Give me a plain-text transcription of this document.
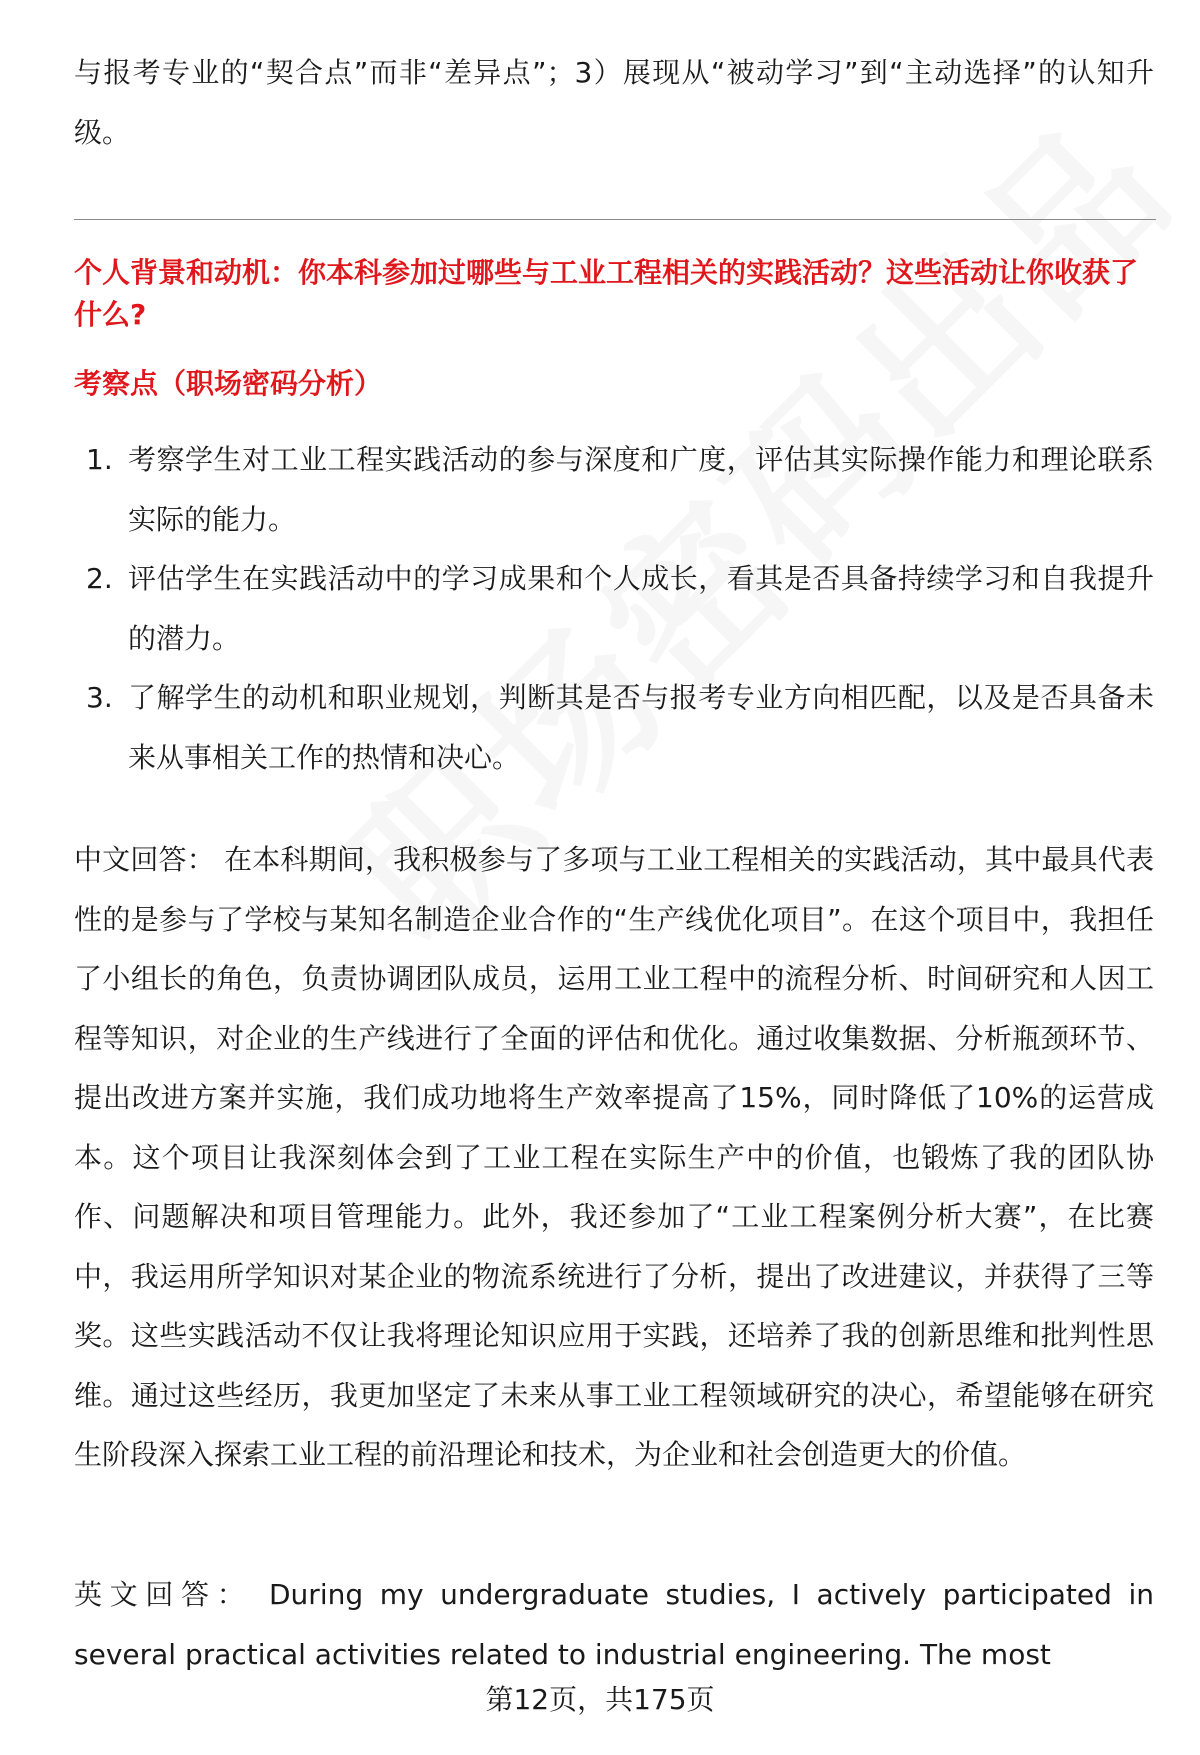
与报考专业的“契合点”而非“差异点”；3）展现从“被动学习”到“主动选择”的认知升级。

个人背景和动机：你本科参加过哪些与工业工程相关的实践活动？这些活动让你收获了什么?

考察点（职场密码分析）

1. 考察学生对工业工程实践活动的参与深度和广度，评估其实际操作能力和理论联系实际的能力。
2. 评估学生在实践活动中的学习成果和个人成长，看其是否具备持续学习和自我提升的潜力。
3. 了解学生的动机和职业规划，判断其是否与报考专业方向相匹配，以及是否具备未来从事相关工作的热情和决心。

中文回答： 在本科期间，我积极参与了多项与工业工程相关的实践活动，其中最具代表性的是参与了学校与某知名制造企业合作的“生产线优化项目”。在这个项目中，我担任了小组长的角色，负责协调团队成员，运用工业工程中的流程分析、时间研究和人因工程等知识，对企业的生产线进行了全面的评估和优化。通过收集数据、分析瓶颈环节、提出改进方案并实施，我们成功地将生产效率提高了15%，同时降低了10%的运营成本。这个项目让我深刻体会到了工业工程在实际生产中的价值，也锻炼了我的团队协作、问题解决和项目管理能力。此外，我还参加了“工业工程案例分析大赛”，在比赛中，我运用所学知识对某企业的物流系统进行了分析，提出了改进建议，并获得了三等奖。这些实践活动不仅让我将理论知识应用于实践，还培养了我的创新思维和批判性思维。通过这些经历，我更加坚定了未来从事工业工程领域研究的决心，希望能够在研究生阶段深入探索工业工程的前沿理论和技术，为企业和社会创造更大的价值。

英文回答： During my undergraduate studies, I actively participated in several practical activities related to industrial engineering. The most

第12页，共175页
